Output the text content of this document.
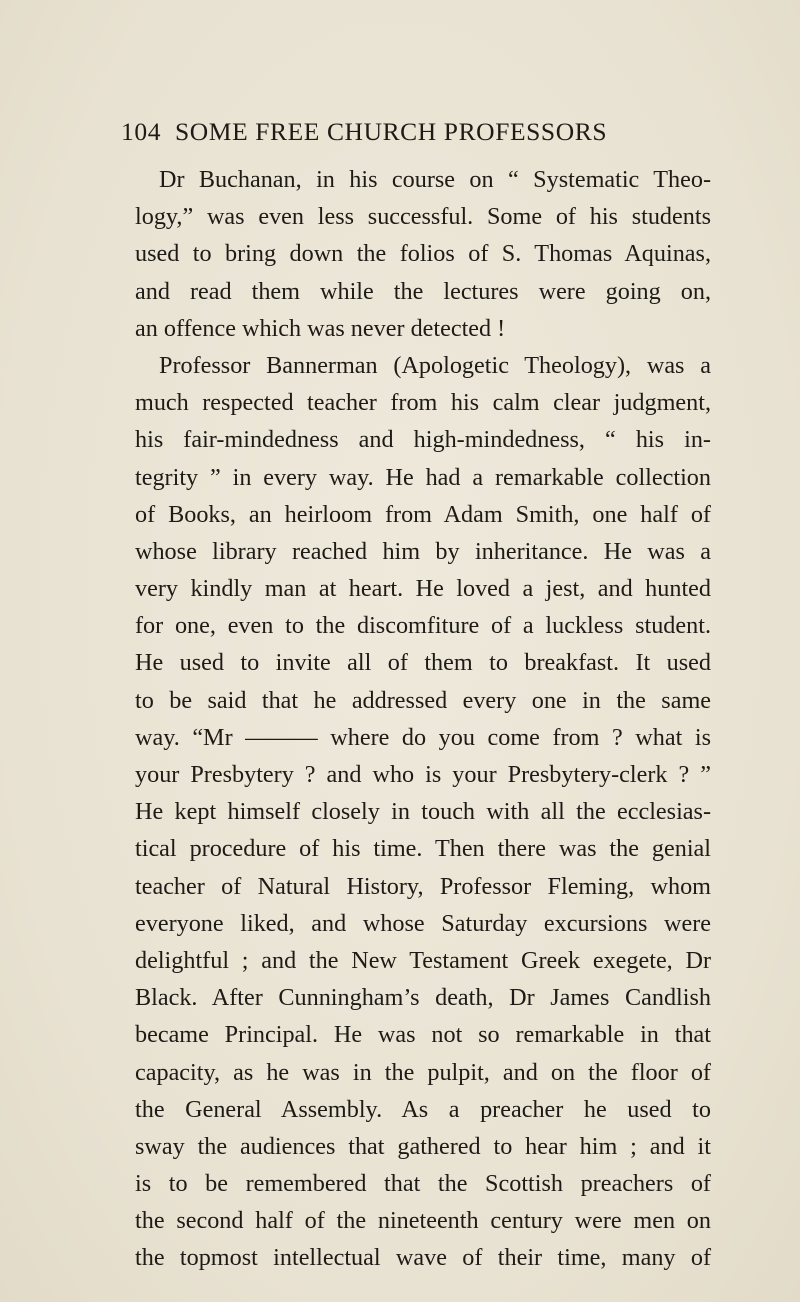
104 SOME FREE CHURCH PROFESSORS
Dr Buchanan, in his course on “ Systematic Theo-
logy,” was even less successful. Some of his students
used to bring down the folios of S. Thomas Aquinas,
and read them while the lectures were going on,
an offence which was never detected !
Professor Bannerman (Apologetic Theology), was a
much respected teacher from his calm clear judgment,
his fair-mindedness and high-mindedness, “ his in-
tegrity ” in every way. He had a remarkable collection
of Books, an heirloom from Adam Smith, one half of
whose library reached him by inheritance. He was a
very kindly man at heart. He loved a jest, and hunted
for one, even to the discomfiture of a luckless student.
He used to invite all of them to breakfast. It used
to be said that he addressed every one in the same
way. “Mr ——— where do you come from ? what is
your Presbytery ? and who is your Presbytery-clerk ? ”
He kept himself closely in touch with all the ecclesias-
tical procedure of his time. Then there was the genial
teacher of Natural History, Professor Fleming, whom
everyone liked, and whose Saturday excursions were
delightful ; and the New Testament Greek exegete, Dr
Black. After Cunningham’s death, Dr James Candlish
became Principal. He was not so remarkable in that
capacity, as he was in the pulpit, and on the floor of
the General Assembly. As a preacher he used to
sway the audiences that gathered to hear him ; and it
is to be remembered that the Scottish preachers of
the second half of the nineteenth century were men on
the topmost intellectual wave of their time, many of
